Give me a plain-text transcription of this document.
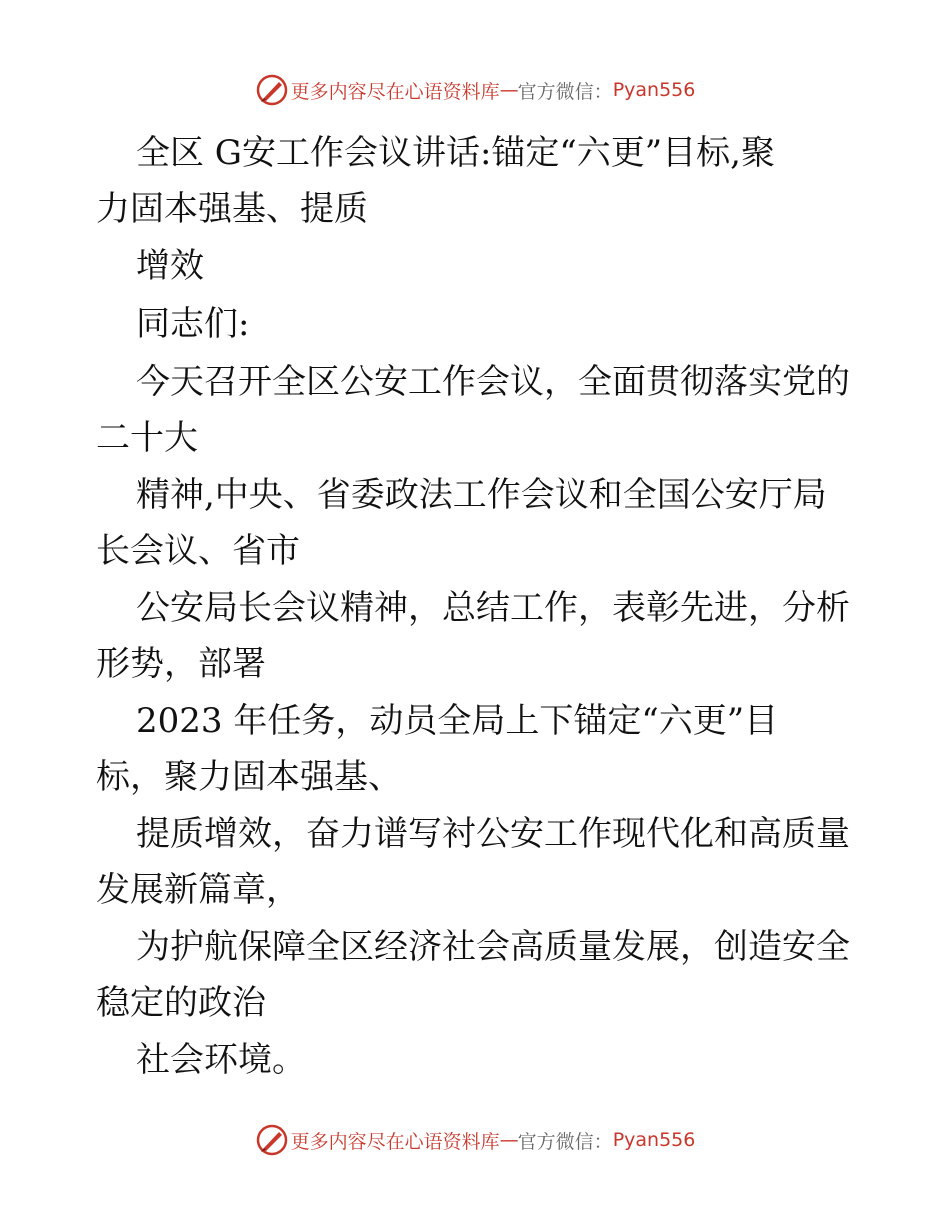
更多内容尽在心语资料库 — 官方微信： Pyan556
全区 G安工作会议讲话:锚定“六更”目标,聚
力固本强基、提质
增效
同志们:
今天召开全区公安工作会议，全面贯彻落实党的
二十大
精神,中央、省委政法工作会议和全国公安厅局
长会议、省市
公安局长会议精神，总结工作，表彰先进，分析
形势，部署
2023 年任务，动员全局上下锚定“六更”目
标，聚力固本强基、
提质增效，奋力谱写衬公安工作现代化和高质量
发展新篇章，
为护航保障全区经济社会高质量发展，创造安全
稳定的政治
社会环境。
更多内容尽在心语资料库 — 官方微信： Pyan556
